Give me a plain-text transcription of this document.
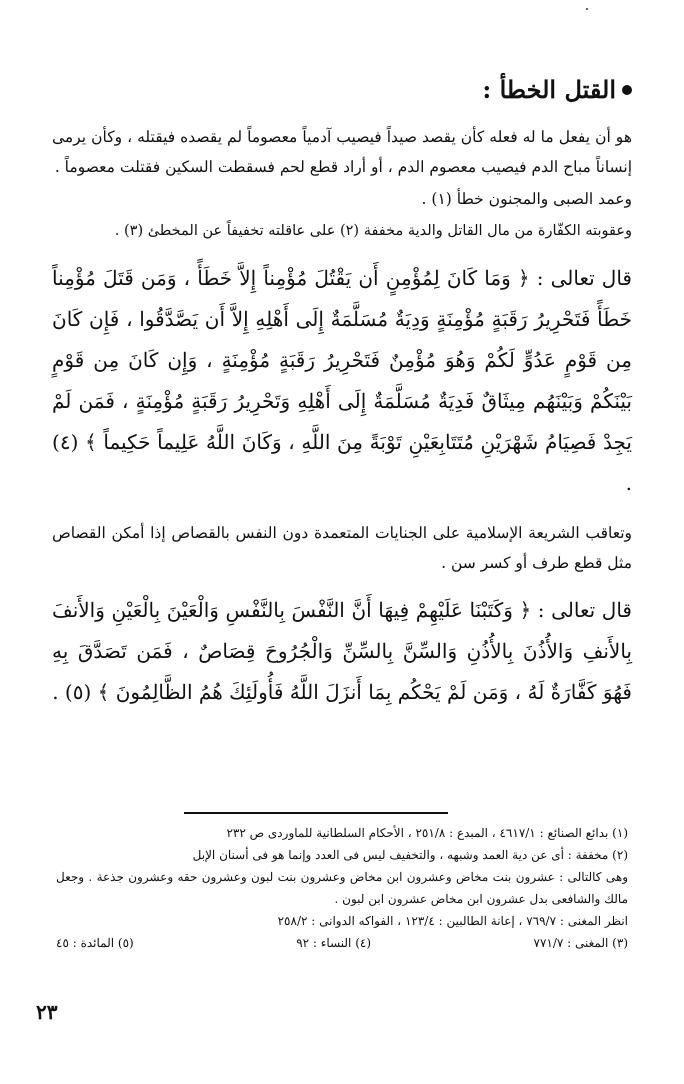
القتل الخطأ :

هو أن يفعل ما له فعله كأن يقصد صيداً فيصيب آدمياً معصوماً لم يقصده فيقتله ، وكأن يرمى إنساناً مباح الدم فيصيب معصوم الدم ، أو أراد قطع لحم فسقطت السكين فقتلت معصوماً .

وعمد الصبى والمجنون خطأ (١) .

وعقوبته الكفّارة من مال القاتل والدية مخففة (٢) على عاقلته تخفيفاً عن المخطئ (٣) .

قال تعالى : ﴿ وَمَا كَانَ لِمُؤْمِنٍ أَن يَقْتُلَ مُؤْمِناً إِلاَّ خَطَأً ، وَمَن قَتَلَ مُؤْمِناً خَطَأً فَتَحْرِيرُ رَقَبَةٍ مُؤْمِنَةٍ وَدِيَةٌ مُسَلَّمَةٌ إِلَى أَهْلِهِ إِلاَّ أَن يَصَّدَّقُوا ، فَإِن كَانَ مِن قَوْمٍ عَدُوٍّ لَكُمْ وَهُوَ مُؤْمِنٌ فَتَحْرِيرُ رَقَبَةٍ مُؤْمِنَةٍ ، وَإِن كَانَ مِن قَوْمٍ بَيْنَكُمْ وَبَيْنَهُم مِيثَاقٌ فَدِيَةٌ مُسَلَّمَةٌ إِلَى أَهْلِهِ وَتَحْرِيرُ رَقَبَةٍ مُؤْمِنَةٍ ، فَمَن لَمْ يَجِدْ فَصِيَامُ شَهْرَيْنِ مُتَتَابِعَيْنِ تَوْبَةً مِنَ اللَّهِ ، وَكَانَ اللَّهُ عَلِيماً حَكِيماً ﴾ (٤) .

وتعاقب الشريعة الإسلامية على الجنايات المتعمدة دون النفس بالقصاص إذا أمكن القصاص مثل قطع طرف أو كسر سن .

قال تعالى : ﴿ وَكَتَبْنَا عَلَيْهِمْ فِيهَا أَنَّ النَّفْسَ بِالنَّفْسِ وَالْعَيْنَ بِالْعَيْنِ وَالأَنفَ بِالأَنفِ وَالأُذُنَ بِالأُذُنِ وَالسِّنَّ بِالسِّنِّ وَالْجُرُوحَ قِصَاصٌ ، فَمَن تَصَدَّقَ بِهِ فَهُوَ كَفَّارَةٌ لَهُ ، وَمَن لَمْ يَحْكُم بِمَا أَنزَلَ اللَّهُ فَأُولَئِكَ هُمُ الظَّالِمُونَ ﴾ (٥) .

(١) بدائع الصنائع : ٤٦١٧/١ ، المبدع : ٢٥١/٨ ، الأحكام السلطانية للماوردى ص ٢٣٢

(٢) مخففة : أى عن دية العمد وشبهه ، والتخفيف ليس فى العدد وإنما هو فى أسنان الإبل

وهى كالتالى : عشرون بنت مخاض وعشرون ابن مخاض وعشرون بنت لبون وعشرون حقه وعشرون جذعة . وجعل مالك والشافعى بدل عشرون ابن مخاض عشرون ابن لبون .

انظر المغنى : ٧٦٩/٧ ، إعانة الطالبين : ١٢٣/٤ ، الفواكه الدوانى : ٢٥٨/٢

(٣) المغنى : ٧٧١/٧
(٤) النساء : ٩٢
(٥) المائدة : ٤٥
٢٣
